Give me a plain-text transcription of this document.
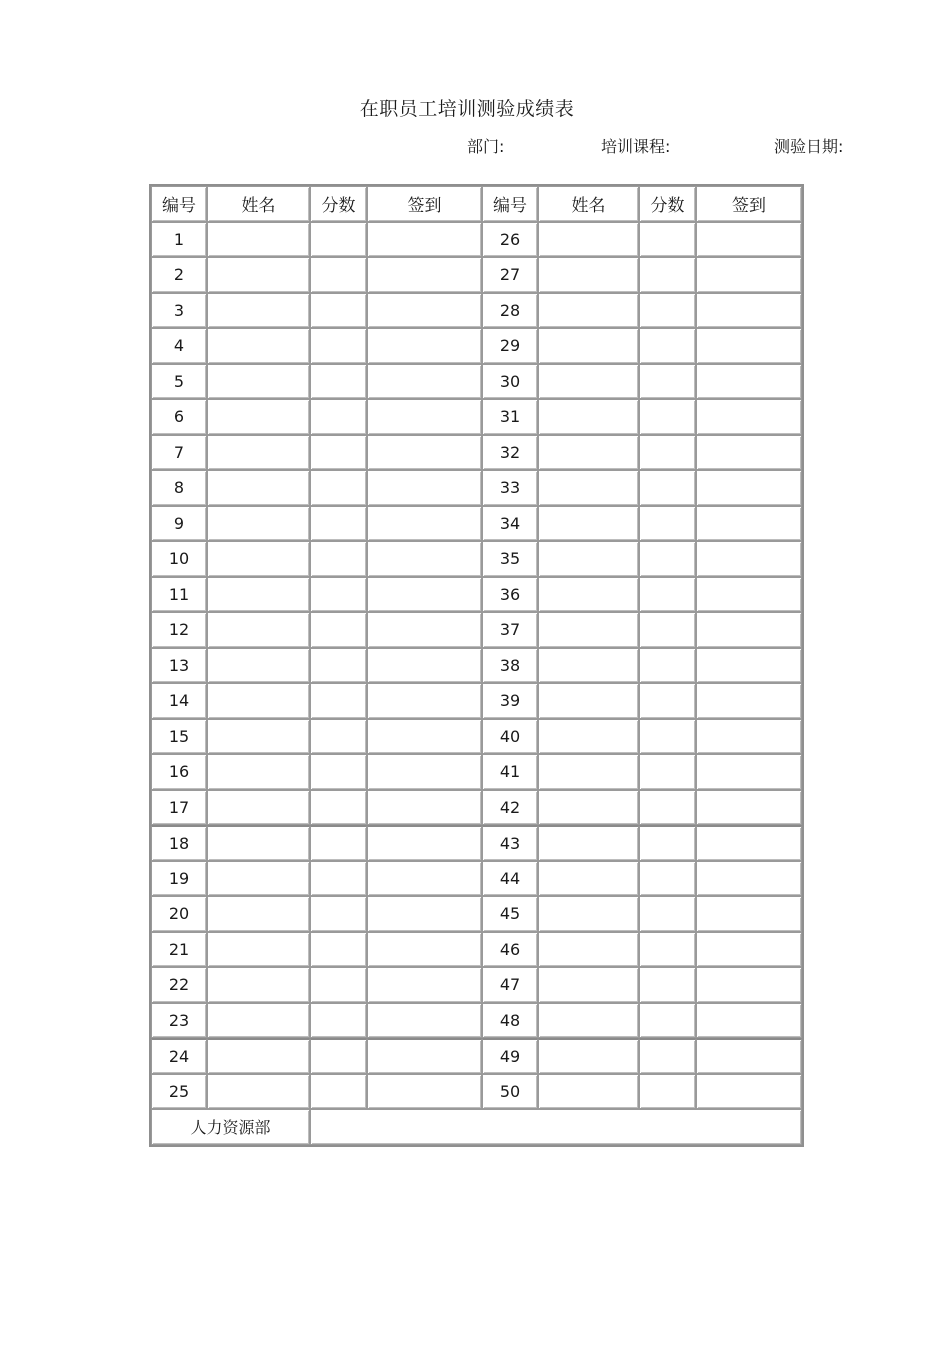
在职员工培训测验成绩表
部门:	培训课程:	测验日期:
编号	姓名	分数	签到	编号	姓名	分数	签到
1				26			
2				27			
3				28			
4				29			
5				30			
6				31			
7				32			
8				33			
9				34			
10				35			
11				36			
12				37			
13				38			
14				39			
15				40			
16				41			
17				42			
18				43			
19				44			
20				45			
21				46			
22				47			
23				48			
24				49			
25				50			
人力资源部							
